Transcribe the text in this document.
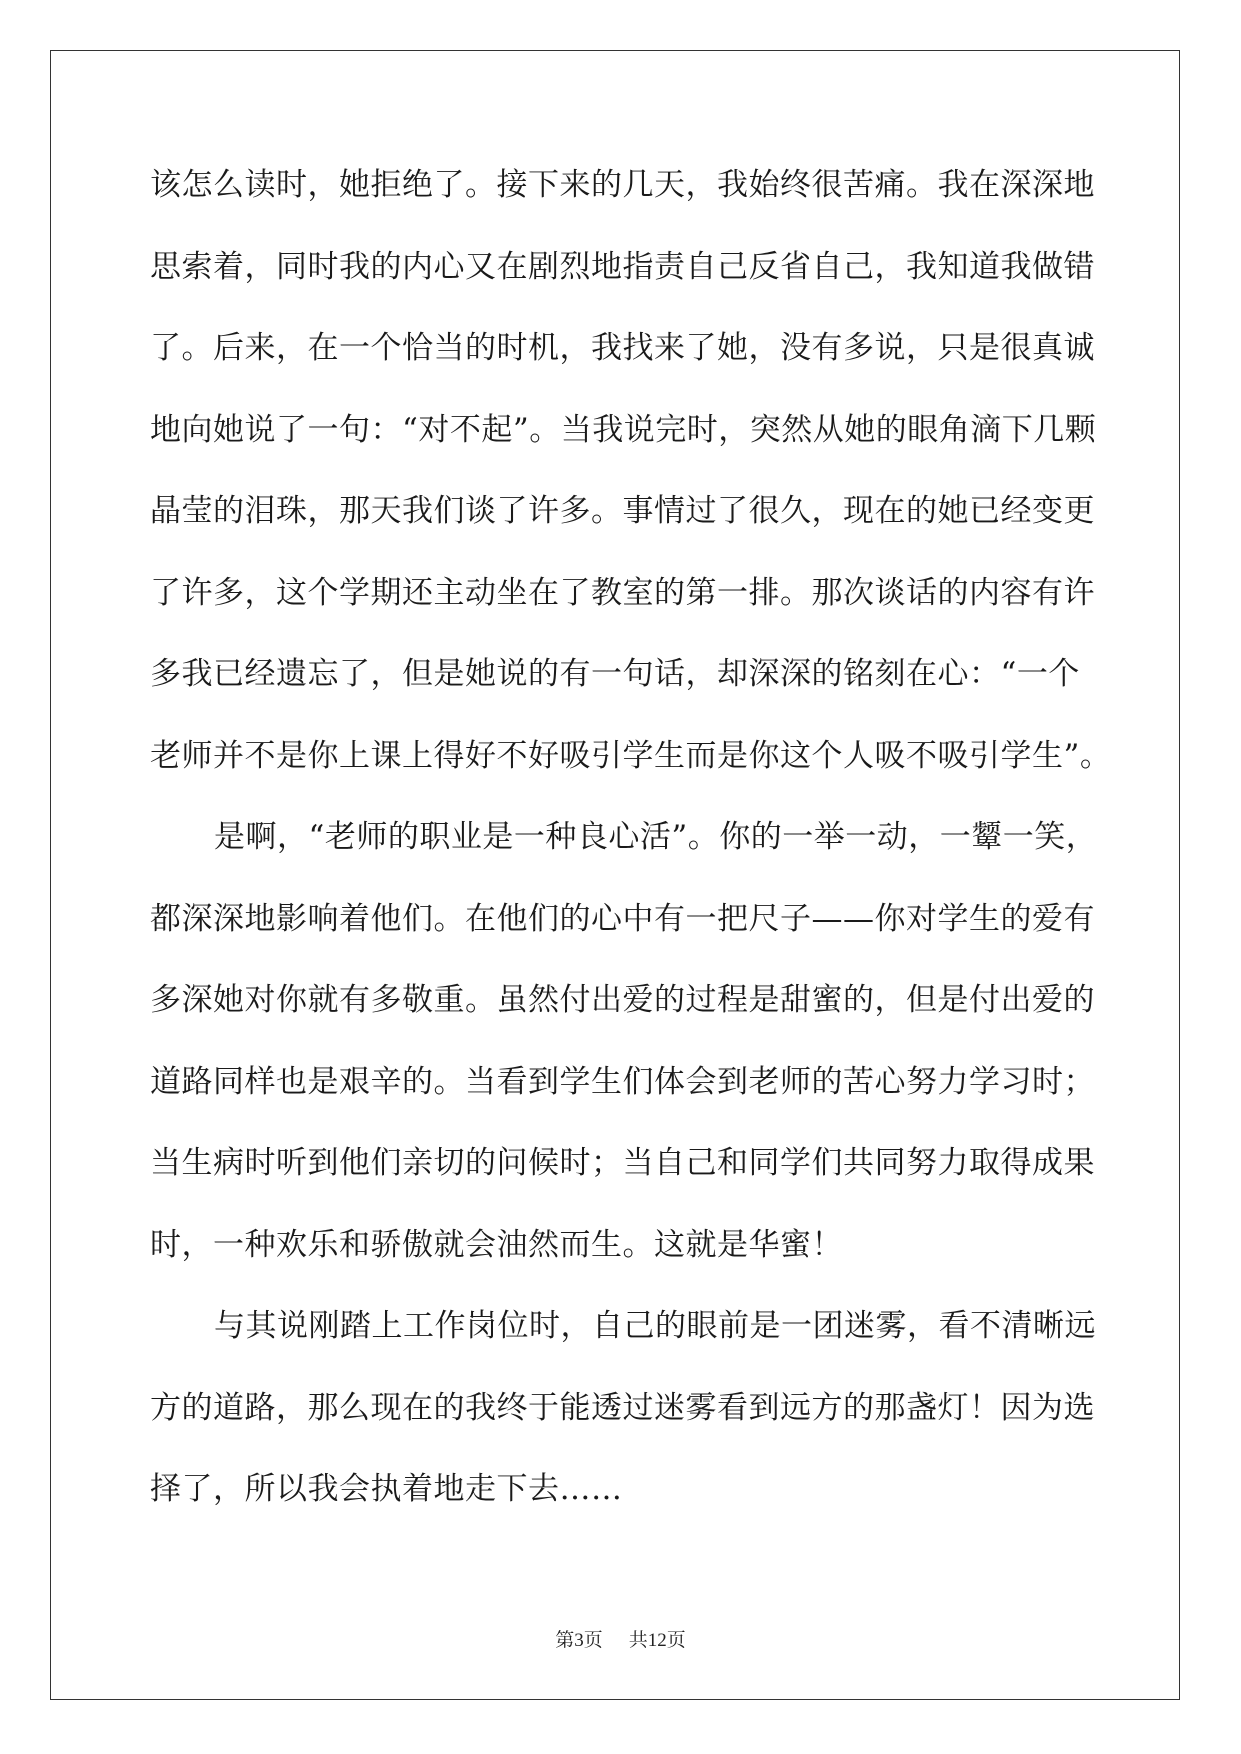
该怎么读时，她拒绝了。接下来的几天，我始终很苦痛。我在深深地
思索着，同时我的内心又在剧烈地指责自己反省自己，我知道我做错
了。后来，在一个恰当的时机，我找来了她，没有多说，只是很真诚
地向她说了一句：“对不起”。当我说完时，突然从她的眼角滴下几颗
晶莹的泪珠，那天我们谈了许多。事情过了很久，现在的她已经变更
了许多，这个学期还主动坐在了教室的第一排。那次谈话的内容有许
多我已经遗忘了，但是她说的有一句话，却深深的铭刻在心：“一个
老师并不是你上课上得好不好吸引学生而是你这个人吸不吸引学生”。
是啊，“老师的职业是一种良心活”。你的一举一动，一颦一笑，
都深深地影响着他们。在他们的心中有一把尺子——你对学生的爱有
多深她对你就有多敬重。虽然付出爱的过程是甜蜜的，但是付出爱的
道路同样也是艰辛的。当看到学生们体会到老师的苦心努力学习时；
当生病时听到他们亲切的问候时；当自己和同学们共同努力取得成果
时，一种欢乐和骄傲就会油然而生。这就是华蜜！
与其说刚踏上工作岗位时，自己的眼前是一团迷雾，看不清晰远
方的道路，那么现在的我终于能透过迷雾看到远方的那盏灯！因为选
择了，所以我会执着地走下去……
第3页 共12页
